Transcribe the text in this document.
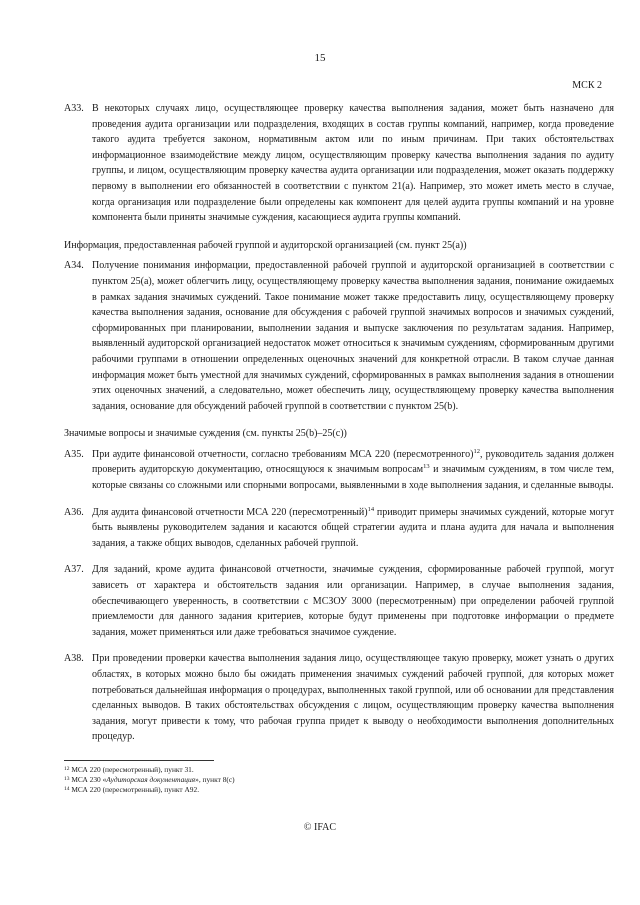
15
МСК 2
A33. В некоторых случаях лицо, осуществляющее проверку качества выполнения задания, может быть назначено для проведения аудита организации или подразделения, входящих в состав группы компаний, например, когда проведение такого аудита требуется законом, нормативным актом или по иным причинам. При таких обстоятельствах информационное взаимодействие между лицом, осуществляющим проверку качества выполнения задания по аудиту группы, и лицом, осуществляющим проверку качества аудита организации или подразделения, может оказать поддержку первому в выполнении его обязанностей в соответствии с пунктом 21(a). Например, это может иметь место в случае, когда организация или подразделение были определены как компонент для целей аудита группы компаний и на уровне компонента были приняты значимые суждения, касающиеся аудита группы компаний.
Информация, предоставленная рабочей группой и аудиторской организацией (см. пункт 25(a))
A34. Получение понимания информации, предоставленной рабочей группой и аудиторской организацией в соответствии с пунктом 25(a), может облегчить лицу, осуществляющему проверку качества выполнения задания, понимание ожидаемых в рамках задания значимых суждений. Такое понимание может также предоставить лицу, осуществляющему проверку качества выполнения задания, основание для обсуждения с рабочей группой значимых вопросов и значимых суждений, сформированных при планировании, выполнении задания и выпуске заключения по результатам задания. Например, выявленный аудиторской организацией недостаток может относиться к значимым суждениям, сформированным другими рабочими группами в отношении определенных оценочных значений для конкретной отрасли. В таком случае данная информация может быть уместной для значимых суждений, сформированных в рамках выполнения задания в отношении этих оценочных значений, а следовательно, может обеспечить лицу, осуществляющему проверку качества выполнения задания, основание для обсуждений рабочей группой в соответствии с пунктом 25(b).
Значимые вопросы и значимые суждения (см. пункты 25(b)–25(c))
A35. При аудите финансовой отчетности, согласно требованиям МСА 220 (пересмотренного)$^{12}$, руководитель задания должен проверить аудиторскую документацию, относящуюся к значимым вопросам$^{13}$ и значимым суждениям, в том числе тем, которые связаны со сложными или спорными вопросами, выявленными в ходе выполнения задания, и сделанные выводы.
A36. Для аудита финансовой отчетности МСА 220 (пересмотренный)$^{14}$ приводит примеры значимых суждений, которые могут быть выявлены руководителем задания и касаются общей стратегии аудита и плана аудита для начала и выполнения задания, а также общих выводов, сделанных рабочей группой.
A37. Для заданий, кроме аудита финансовой отчетности, значимые суждения, сформированные рабочей группой, могут зависеть от характера и обстоятельств задания или организации. Например, в случае выполнения задания, обеспечивающего уверенность, в соответствии с МСЗОУ 3000 (пересмотренным) при определении рабочей группой приемлемости для данного задания критериев, которые будут применены при подготовке информации о предмете задания, может применяться или даже требоваться значимое суждение.
A38. При проведении проверки качества выполнения задания лицо, осуществляющее такую проверку, может узнать о других областях, в которых можно было бы ожидать применения значимых суждений рабочей группой, для которых может потребоваться дальнейшая информация о процедурах, выполненных такой группой, или об основании для представления сделанных выводов. В таких обстоятельствах обсуждения с лицом, осуществляющим проверку качества выполнения задания, могут привести к тому, что рабочая группа придет к выводу о необходимости выполнения дополнительных процедур.
$^{12}$ МСА 220 (пересмотренный), пункт 31.
$^{13}$ МСА 230 «Аудиторская документация», пункт 8(c)
$^{14}$ МСА 220 (пересмотренный), пункт A92.
© IFAC
